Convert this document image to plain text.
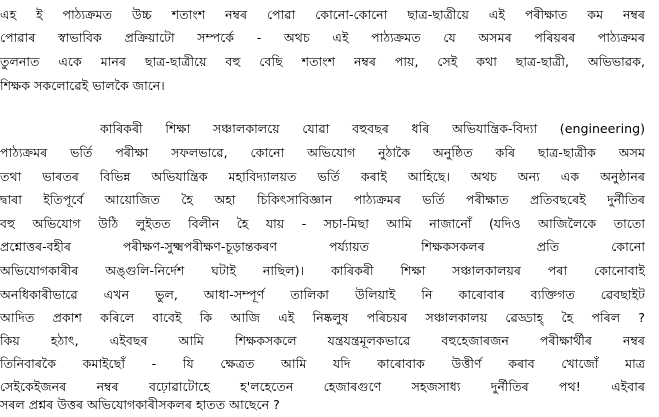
এহ ই পাঠ্যক্ৰমত উচ্চ শতাংশ নম্বৰ পোৱা কোনো-কোনো ছাত্ৰ-ছাত্ৰীয়ে এই পৰীক্ষাত কম নম্বৰ
পোৱাৰ স্বাভাবিক প্ৰক্ৰিয়াটো সম্পৰ্কে - অথচ এই পাঠ্যক্ৰমত যে অসমৰ পৰিয়ৰৰ পাঠ্যক্ৰমৰ
তুলনাত একে মানৰ ছাত্ৰ-ছাত্ৰীয়ে বহু বেছি শতাংশ নম্বৰ পায়, সেই কথা ছাত্ৰ-ছাত্ৰী, অভিভাৱক,
শিক্ষক সকলোৱেই ভালকৈ জানে।
কাৰিকৰী শিক্ষা সঞ্চালকালয়ে যোৱা বহুবছৰ ধৰি অভিযান্ত্ৰিক-বিদ্যা (engineering)
পাঠ্যক্ৰমৰ ভৰ্তি পৰীক্ষা সফলভাৱে, কোনো অভিযোগ নুঠাকৈ অনুষ্ঠিত কৰি ছাত্ৰ-ছাত্ৰীক অসম
তথা ভাৰতৰ বিভিন্ন অভিযান্ত্ৰিক মহাবিদ্যালয়ত ভৰ্তি কৰাই আহিছে। অথচ অন্য এক অনুষ্ঠানৰ
দ্বাৰা ইতিপূৰ্বে আয়োজিত হৈ অহা চিকিৎসাবিজ্ঞান পাঠ্যক্ৰমৰ ভৰ্তি পৰীক্ষাত প্ৰতিবছৰেই দুৰ্নীতিৰ
বহু অভিযোগ উঠি লুইতত বিলীন হৈ যায় - সচা-মিছা আমি নাজানোঁ (যদিও আজিলৈকে তাতো
প্ৰশ্নোত্তৰ-বহীৰ পৰীক্ষণ-সুক্ষ্মপৰীক্ষণ-চূড়ান্তকৰণ পৰ্য্যায়ত শিক্ষকসকলৰ প্ৰতি কোনো
অভিযোগকাৰীৰ অঙ্গুলি-নিৰ্দেশ ঘটাই নাছিল)। কাৰিকৰী শিক্ষা সঞ্চালকালয়ৰ পৰা কোনোবাই
অনধিকাৰীভাৱে এখন ভুল, আধা-সম্পূৰ্ণ তালিকা উলিয়াই নি কাৰোবাৰ ব্যক্তিগত ৱেবছাইট
আদিত প্ৰকাশ কৰিলে বাবেই কি আজি এই নিষ্কলুষ পৰিচয়ৰ সঞ্চালকালয় ৱেড্ডাহ্ হৈ পৰিল ?
কিয় হঠাৎ, এইবছৰ আমি শিক্ষকসকলে যন্ত্ৰযন্ত্ৰমূলকভাৱে বহুহেজাৰজন পৰীক্ষাৰ্থীৰ নম্বৰ
তিনিবাৰকৈ কমাইছোঁ - যি ক্ষেত্ৰত আমি যদি কাৰোবাক উত্তীৰ্ণ কৰাব খোজোঁ মাত্ৰ
সেইকেইজনৰ নম্বৰ বঢ়োৱাটোহে হ'লহেতেন হেজাৰগুণে সহজসাধ্য দুৰ্নীতিৰ পথ! এইবাৰ
সৰল প্ৰশ্নৰ উত্তৰ অভিযোগকাৰীসকলৰ হাতত আছেনে ?
